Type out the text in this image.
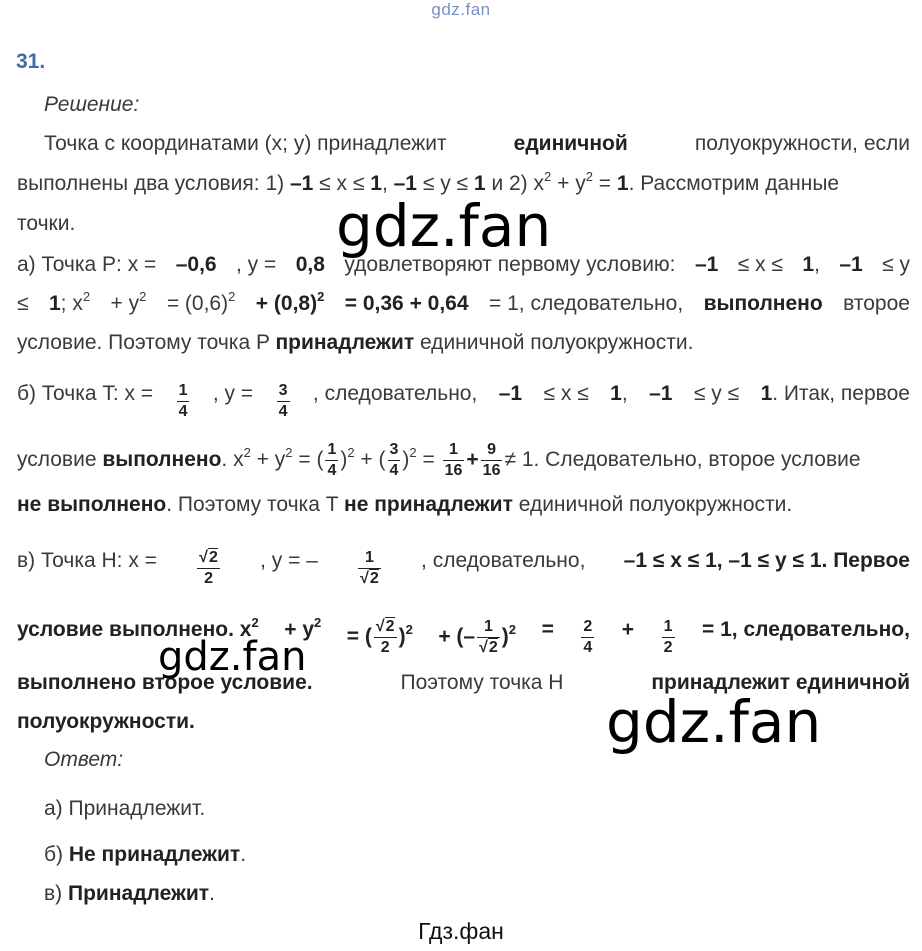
gdz.fan
31.
Решение:
Точка с координатами (x; y) принадлежит	единичной	полуокружности, если
выполнены два условия: 1) –1 ≤ x ≤ 1, –1 ≤ y ≤ 1 и 2) $x^2 + y^2 = 1$. Рассмотрим данные
точки.
а) Точка P: x = –0,6 , y = 0,8 удовлетворяют первому условию: –1 ≤ x ≤ 1, –1 ≤ y
≤ 1; $x^2 + y^2 = (0,6)^2 + (0,8)^2 = 0,36 + 0,64 = 1$, следовательно, выполнено второе
условие. Поэтому точка P принадлежит единичной полуокружности.
б) Точка T: $x = \frac{1}{4}$ , $y = \frac{3}{4}$ , следовательно, –1 ≤ x ≤ 1, –1 ≤ y ≤ 1. Итак, первое
условие выполнено. $x^2 + y^2$ = ( $\frac{1}{4} )^2$ + ( $\frac{3}{4} )^2 = \frac{1}{16} + \frac{9}{16} \ne 1$. Следовательно, второе условие
не выполнено. Поэтому точка T не принадлежит единичной полуокружности.
в) Точка H: x =	$\frac{√2}{2}$ , y = –	1
√2
, следовательно, –1 ≤ x ≤ 1, –1 ≤ y ≤ 1. Первое
условие выполнено. $x^2 + y^2$
= ( $\frac{√2}{2} )^2$ + (– $\frac{1}{√2} )^2 = \frac{2}{4} + \frac{1}{2} = 1$, следовательно,
выполнено второе условие.	Поэтому точка H	принадлежит единичной
полуокружности.
Ответ:
а) Принадлежит.
б) Не принадлежит.
в) Принадлежит.
gdz.fan
gdz.fan
gdz.fan
Гдз.фан
